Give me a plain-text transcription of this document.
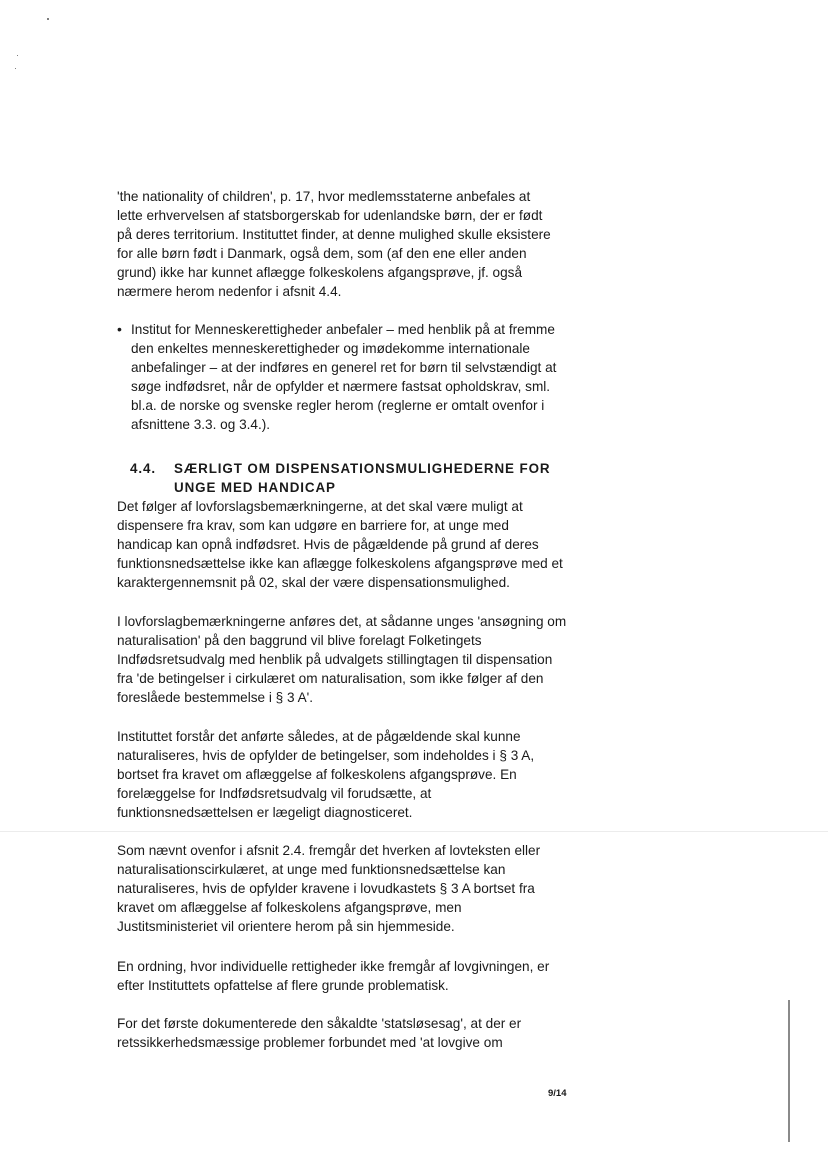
'the nationality of children', p. 17, hvor medlemsstaterne anbefales at lette erhvervelsen af statsborgerskab for udenlandske børn, der er født på deres territorium. Instituttet finder, at denne mulighed skulle eksistere for alle børn født i Danmark, også dem, som (af den ene eller anden grund) ikke har kunnet aflægge folkeskolens afgangsprøve, jf. også nærmere herom nedenfor i afsnit 4.4.

• Institut for Menneskerettigheder anbefaler – med henblik på at fremme den enkeltes menneskerettigheder og imødekomme internationale anbefalinger – at der indføres en generel ret for børn til selvstændigt at søge indfødsret, når de opfylder et nærmere fastsat opholdskrav, sml. bl.a. de norske og svenske regler herom (reglerne er omtalt ovenfor i afsnittene 3.3. og 3.4.).

4.4. SÆRLIGT OM DISPENSATIONSMULIGHEDERNE FOR
UNGE MED HANDICAP

Det følger af lovforslagsbemærkningerne, at det skal være muligt at dispensere fra krav, som kan udgøre en barriere for, at unge med handicap kan opnå indfødsret. Hvis de pågældende på grund af deres funktionsnedsættelse ikke kan aflægge folkeskolens afgangsprøve med et karaktergennemsnit på 02, skal der være dispensationsmulighed.

I lovforslagbemærkningerne anføres det, at sådanne unges 'ansøgning om naturalisation' på den baggrund vil blive forelagt Folketingets Indfødsretsudvalg med henblik på udvalgets stillingtagen til dispensation fra 'de betingelser i cirkulæret om naturalisation, som ikke følger af den foreslåede bestemmelse i § 3 A'.

Instituttet forstår det anførte således, at de pågældende skal kunne naturaliseres, hvis de opfylder de betingelser, som indeholdes i § 3 A, bortset fra kravet om aflæggelse af folkeskolens afgangsprøve. En forelæggelse for Indfødsretsudvalg vil forudsætte, at funktionsnedsættelsen er lægeligt diagnosticeret.

Som nævnt ovenfor i afsnit 2.4. fremgår det hverken af lovteksten eller naturalisationscirkulæret, at unge med funktionsnedsættelse kan naturaliseres, hvis de opfylder kravene i lovudkastets § 3 A bortset fra kravet om aflæggelse af folkeskolens afgangsprøve, men Justitsministeriet vil orientere herom på sin hjemmeside.

En ordning, hvor individuelle rettigheder ikke fremgår af lovgivningen, er efter Instituttets opfattelse af flere grunde problematisk.

For det første dokumenterede den såkaldte 'statsløsesag', at der er retssikkerhedsmæssige problemer forbundet med 'at lovgive om

9/14
